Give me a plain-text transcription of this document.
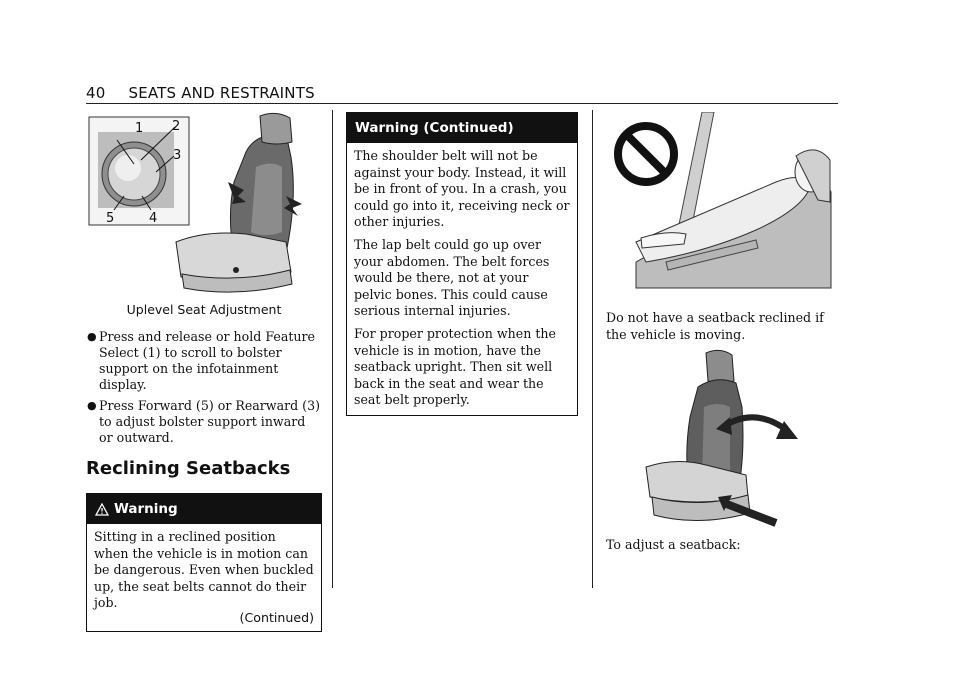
40 SEATS AND RESTRAINTS
1 2
3
4
5
Uplevel Seat Adjustment
● Press and release or hold Feature Select (1) to scroll to bolster support on the infotainment display.
● Press Forward (5) or Rearward (3) to adjust bolster support inward or outward.
Reclining Seatbacks
Warning

Sitting in a reclined position when the vehicle is in motion can be dangerous. Even when buckled up, the seat belts cannot do their job.

(Continued)
Warning (Continued)

The shoulder belt will not be against your body. Instead, it will be in front of you. In a crash, you could go into it, receiving neck or other injuries.

The lap belt could go up over your abdomen. The belt forces would be there, not at your pelvic bones. This could cause serious internal injuries.

For proper protection when the vehicle is in motion, have the seatback upright. Then sit well back in the seat and wear the seat belt properly.

Do not have a seatback reclined if the vehicle is moving.

To adjust a seatback:
